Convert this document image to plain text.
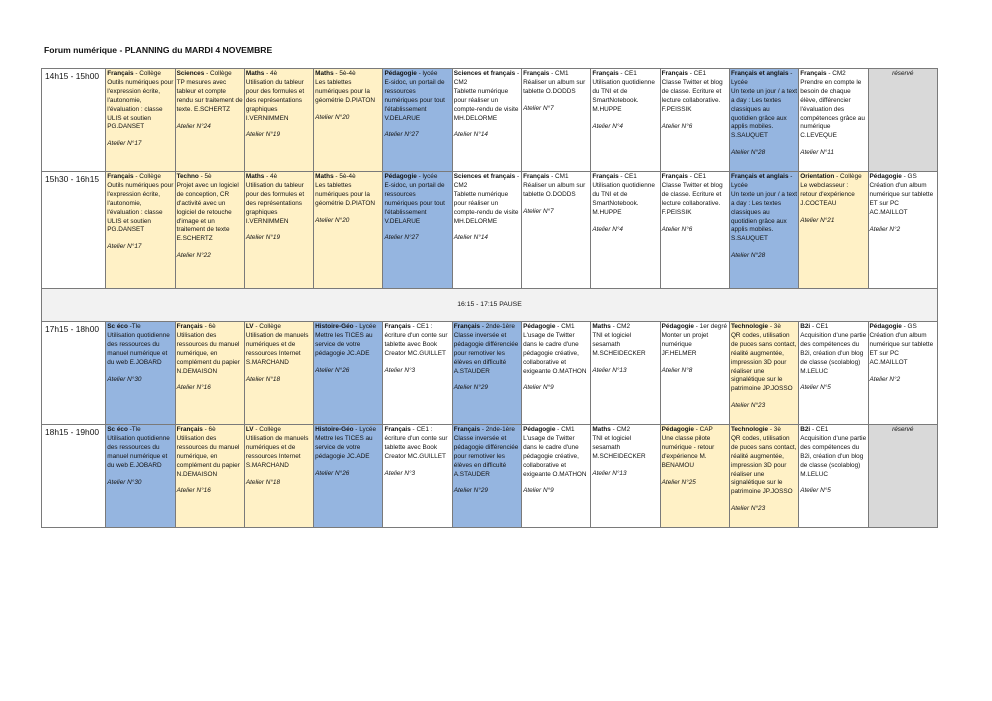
Forum numérique - PLANNING du MARDI 4 NOVEMBRE
14h15 - 15h00	Français - Collège
Outils numériques pour l'expression écrite, l'autonomie, l'évaluation : classe ULIS et soutien PG.DANSET
Atelier N°17	Sciences - Collège
TP mesures avec tableur et compte rendu sur traitement de texte. E.SCHERTZ
Atelier N°24	Maths - 4è
Utilisation du tableur pour des formules et des représentations graphiques I.VERNIMMEN
Atelier N°19	Maths - 5è-4è
Les tablettes numériques pour la géométrie D.PIATON
Atelier N°20	Pédagogie - lycée
E-sidoc, un portail de ressources numériques pour tout l'établissement V.DELARUE
Atelier N°27	Sciences et français - CM2
Tablette numérique pour réaliser un compte-rendu de visite MH.DELORME
Atelier N°14	Français - CM1
Réaliser un album sur tablette O.DODDS
Atelier N°7	Français - CE1
Utilisation quotidienne du TNI et de SmartNotebook. M.HUPPE
Atelier N°4	Français - CE1
Classe Twitter et blog de classe. Ecriture et lecture collaborative. F.PEISSIK
Atelier N°6	Français et anglais - Lycée
Un texte un jour / a text a day : Les textes classiques au quotidien grâce aux applis mobiles. S.SAUQUET
Atelier N°28	Français - CM2
Prendre en compte le besoin de chaque élève, différencier l'évaluation des compétences grâce au numérique C.LEVEQUE
Atelier N°11	réservé
15h30 - 16h15	Français - Collège
Outils numériques pour l'expression écrite, l'autonomie, l'évaluation : classe ULIS et soutien PG.DANSET
Atelier N°17	Techno - 5è
Projet avec un logiciel de conception, CR d'activité avec un logiciel de retouche d'image et un traitement de texte E.SCHERTZ
Atelier N°22	Maths - 4è
Utilisation du tableur pour des formules et des représentations graphiques I.VERNIMMEN
Atelier N°19	Maths - 5è-4è
Les tablettes numériques pour la géométrie D.PIATON
Atelier N°20	Pédagogie - lycée
E-sidoc, un portail de ressources numériques pour tout l'établissement V.DELARUE
Atelier N°27	Sciences et français - CM2
Tablette numérique pour réaliser un compte-rendu de visite MH.DELORME
Atelier N°14	Français - CM1
Réaliser un album sur tablette O.DODDS
Atelier N°7	Français - CE1
Utilisation quotidienne du TNI et de SmartNotebook. M.HUPPE
Atelier N°4	Français - CE1
Classe Twitter et blog de classe. Ecriture et lecture collaborative. F.PEISSIK
Atelier N°6	Français et anglais - Lycée
Un texte un jour / a text a day : Les textes classiques au quotidien grâce aux applis mobiles. S.SAUQUET
Atelier N°28	Orientation - Collège
Le webclasseur : retour d'expérience J.COCTEAU
Atelier N°21	Pédagogie - GS
Création d'un album numérique sur tablette ET sur PC AC.MAILLOT
Atelier N°2

16:15 - 17:15 PAUSE												
17h15 - 18h00	Sc éco -Tle
Utilisation quotidienne des ressources du manuel numérique et du web E.JOBARD
Atelier N°30	Français - 6è
Utilisation des ressources du manuel numérique, en complément du papier N.DEMAISON
Atelier N°16	LV - Collège
Utilisation de manuels numériques et de ressources Internet S.MARCHAND
Atelier N°18	Histoire-Géo - Lycée
Mettre les TICES au service de votre pédagogie JC.ADE
Atelier N°26	Français - CE1 :
écriture d'un conte sur tablette avec Book Creator MC.GUILLET
Atelier N°3	Français - 2nde-1ère
Classe inversée et pédagogie différenciée pour remotiver les élèves en difficulté A.STAUDER
Atelier N°29	Pédagogie - CM1
L'usage de Twitter dans le cadre d'une pédagogie créative, collaborative et exigeante O.MATHON
Atelier N°9	Maths - CM2
TNI et logiciel sesamath M.SCHEIDECKER
Atelier N°13	Pédagogie - 1er degré
Monter un projet numérique JF.HELMER
Atelier N°8	Technologie - 3è
QR codes, utilisation de puces sans contact, réalité augmentée, impression 3D pour réaliser une signalétique sur le patrimoine JP.JOSSO
Atelier N°23	B2i - CE1
Acquisition d'une partie des compétences du B2i, création d'un blog de classe (scolablog) M.LELUC
Atelier N°5	Pédagogie - GS
Création d'un album numérique sur tablette ET sur PC AC.MAILLOT
Atelier N°2

18h15 - 19h00	Sc éco -Tle
Utilisation quotidienne des ressources du manuel numérique et du web E.JOBARD
Atelier N°30	Français - 6è
Utilisation des ressources du manuel numérique, en complément du papier N.DEMAISON
Atelier N°16	LV - Collège
Utilisation de manuels numériques et de ressources Internet S.MARCHAND
Atelier N°18	Histoire-Géo - Lycée
Mettre les TICES au service de votre pédagogie JC.ADE
Atelier N°26	Français - CE1 :
écriture d'un conte sur tablette avec Book Creator MC.GUILLET
Atelier N°3	Français - 2nde-1ère
Classe inversée et pédagogie différenciée pour remotiver les élèves en difficulté A.STAUDER
Atelier N°29	Pédagogie - CM1
L'usage de Twitter dans le cadre d'une pédagogie créative, collaborative et exigeante O.MATHON
Atelier N°9	Maths - CM2
TNI et logiciel sesamath M.SCHEIDECKER
Atelier N°13	Pédagogie - CAP
Une classe pilote numérique - retour d'expérience M. BENAMOU
Atelier N°25	Technologie - 3è
QR codes, utilisation de puces sans contact, réalité augmentée, impression 3D pour réaliser une signalétique sur le patrimoine JP.JOSSO
Atelier N°23	B2i - CE1
Acquisition d'une partie des compétences du B2i, création d'un blog de classe (scolablog) M.LELUC
Atelier N°5	réservé
